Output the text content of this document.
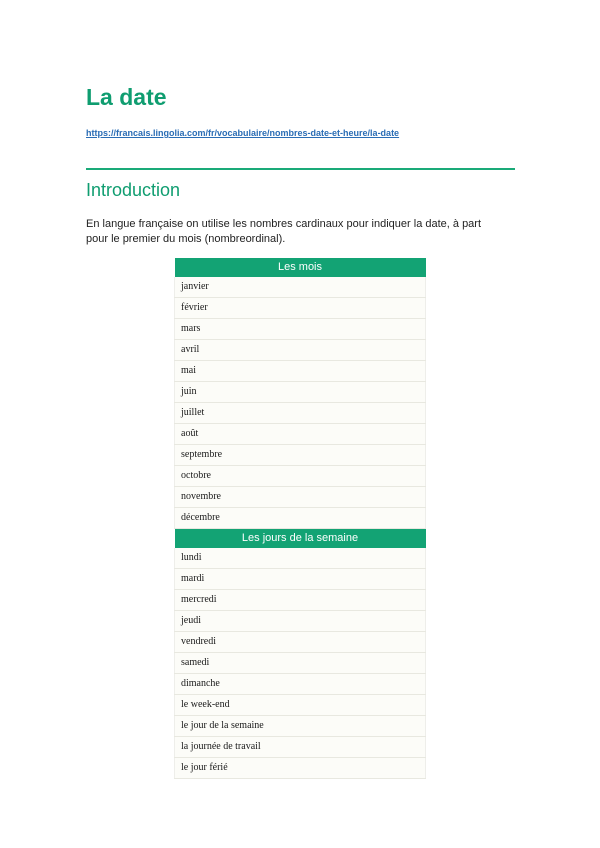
La date
https://francais.lingolia.com/fr/vocabulaire/nombres-date-et-heure/la-date
Introduction

En langue française on utilise les nombres cardinaux pour indiquer la date, à part pour le premier du mois (nombreordinal).

Les mois
janvier
février
mars
avril
mai
juin
juillet
août
septembre
octobre
novembre
décembre
Les jours de la semaine
lundi
mardi
mercredi
jeudi
vendredi
samedi
dimanche
le week-end
le jour de la semaine
la journée de travail
le jour férié
